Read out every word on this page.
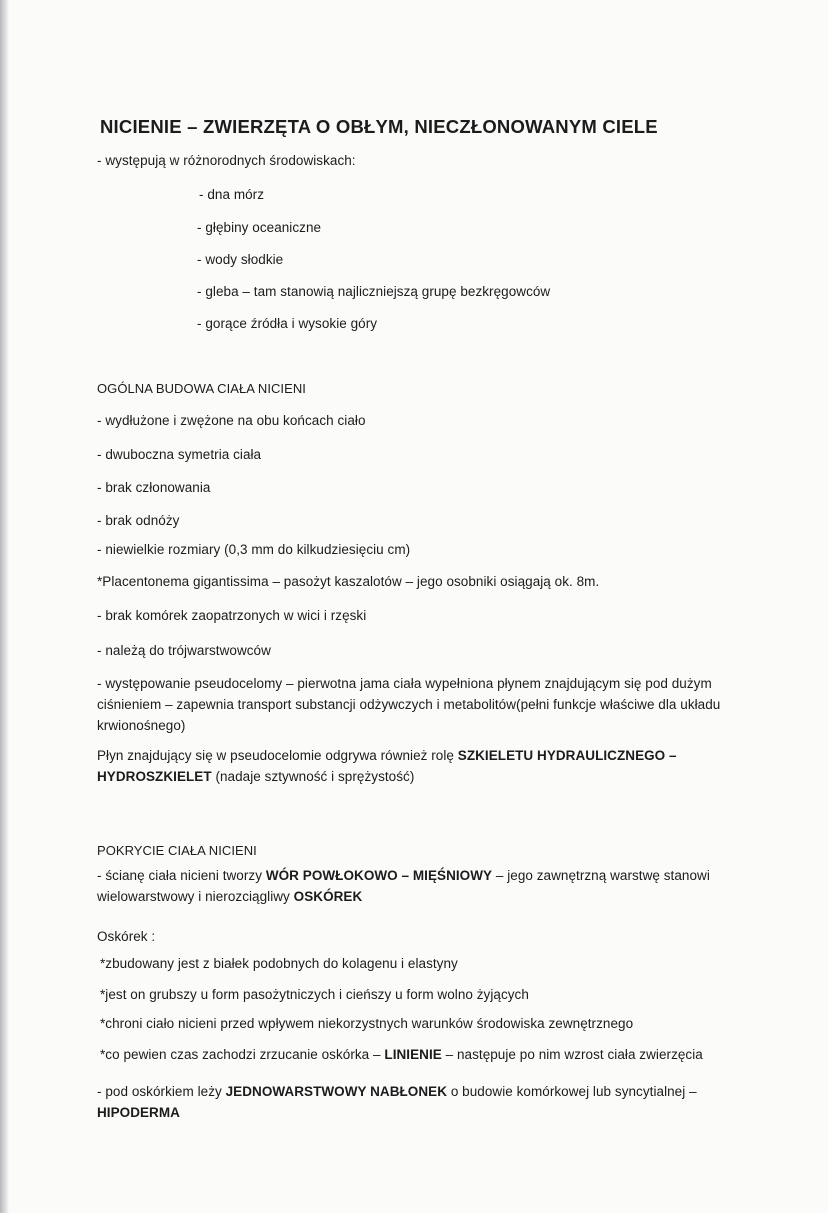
NICIENIE – ZWIERZĘTA O OBŁYM, NIECZŁONOWANYM CIELE
- występują w różnorodnych środowiskach:
- dna mórz
- głębiny oceaniczne
- wody słodkie
- gleba – tam stanowią najliczniejszą grupę bezkręgowców
- gorące źródła i wysokie góry
OGÓLNA BUDOWA CIAŁA NICIENI
- wydłużone i zwężone na obu końcach ciało
- dwuboczna symetria ciała
- brak członowania
- brak odnóży
- niewielkie rozmiary (0,3 mm do kilkudziesięciu cm)
*Placentonema gigantissima – pasożyt kaszalotów – jego osobniki osiągają ok. 8m.
- brak komórek zaopatrzonych w wici i rzęski
- należą do trójwarstwowców
- występowanie pseudocelomy – pierwotna jama ciała wypełniona płynem znajdującym się pod dużym ciśnieniem – zapewnia transport substancji odżywczych i metabolitów(pełni funkcje właściwe dla układu krwionośnego)
Płyn znajdujący się w pseudocelomie odgrywa również rolę SZKIELETU HYDRAULICZNEGO – HYDROSZKIELET (nadaje sztywność i sprężystość)
POKRYCIE CIAŁA NICIENI
- ścianę ciała nicieni tworzy WÓR POWŁOKOWO – MIĘŚNIOWY – jego zawnętrzną warstwę stanowi wielowarstwowy i nierozciągliwy OSKÓREK
Oskórek :
*zbudowany jest z białek podobnych do kolagenu i elastyny
*jest on grubszy u form pasożytniczych i cieńszy u form wolno żyjących
*chroni ciało nicieni przed wpływem niekorzystnych warunków środowiska zewnętrznego
*co pewien czas zachodzi zrzucanie oskórka – LINIENIE – następuje po nim wzrost ciała zwierzęcia
- pod oskórkiem leży JEDNOWARSTWOWY NABŁONEK o budowie komórkowej lub syncytialnej – HIPODERMA
